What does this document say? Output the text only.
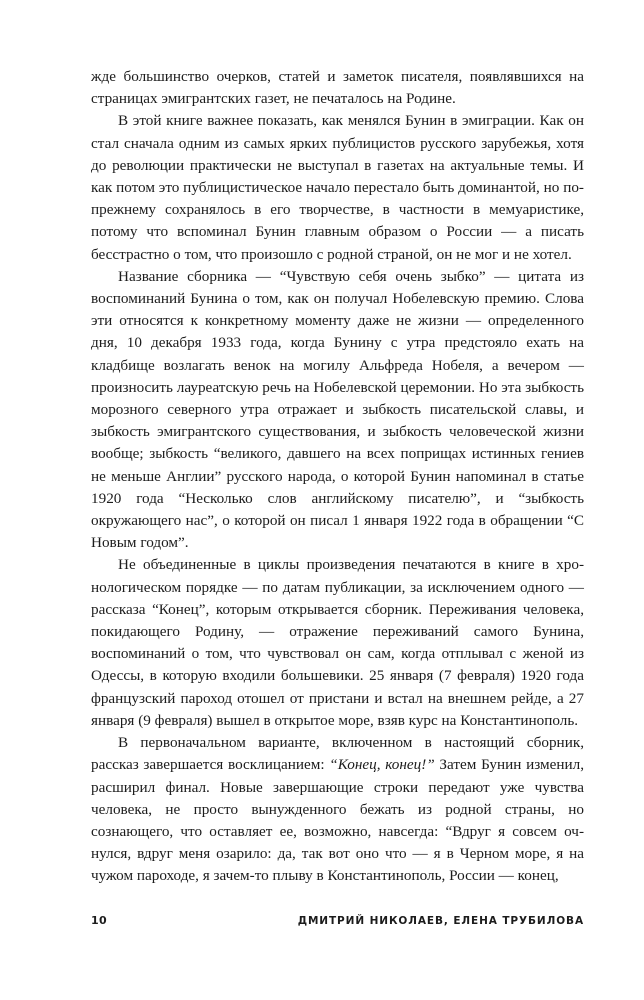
жде большинство очерков, статей и заметок писателя, появлявшихся на страницах эмигрантских газет, не печаталось на Родине.

В этой книге важнее показать, как менялся Бунин в эмиграции. Как он стал сначала одним из самых ярких публицистов русского зарубежья, хотя до революции практически не выступал в газетах на актуальные темы. И как потом это публицистическое начало перестало быть доминантой, но по-прежнему сохранялось в его творчестве, в частности в мемуаристике, потому что вспоминал Бунин главным образом о России — а писать бесстрастно о том, что произошло с родной страной, он не мог и не хотел.

Название сборника — “Чувствую себя очень зыбко” — цитата из воспоминаний Бунина о том, как он получал Нобелевскую премию. Слова эти относятся к конкретному моменту даже не жизни — определенного дня, 10 декабря 1933 года, когда Бунину с утра предстояло ехать на кладбище возлагать венок на могилу Альфреда Нобеля, а вечером — произносить лауреатскую речь на Нобелевской церемонии. Но эта зыбкость морозного северного утра отражает и зыбкость писательской славы, и зыбкость эмигрантского существования, и зыбкость человеческой жизни вообще; зыбкость “великого, давшего на всех поприщах истинных гениев не меньше Англии” русского народа, о которой Бунин напоминал в статье 1920 года “Несколько слов английскому писателю”, и “зыбкость окружающего нас”, о которой он писал 1 января 1922 года в обращении “С Новым годом”.

Не объединенные в циклы произведения печатаются в книге в хронологическом порядке — по датам публикации, за исключением одного — рассказа “Конец”, которым открывается сборник. Переживания человека, покидающего Родину, — отражение переживаний самого Бунина, воспоминаний о том, что чувствовал он сам, когда отплывал с женой из Одессы, в которую входили большевики. 25 января (7 февраля) 1920 года французский пароход отошел от пристани и встал на внешнем рейде, а 27 января (9 февраля) вышел в открытое море, взяв курс на Константинополь.

В первоначальном варианте, включенном в настоящий сборник, рассказ завершается восклицанием: “Конец, конец!” Затем Бунин изменил, расширил финал. Новые завершающие строки передают уже чувства человека, не просто вынужденного бежать из родной страны, но сознающего, что оставляет ее, возможно, навсегда: “Вдруг я совсем очнулся, вдруг меня озарило: да, так вот оно что — я в Черном море, я на чужом пароходе, я зачем-то плыву в Константинополь, России — конец,

10	ДМИТРИЙ НИКОЛАЕВ, ЕЛЕНА ТРУБИЛОВА
